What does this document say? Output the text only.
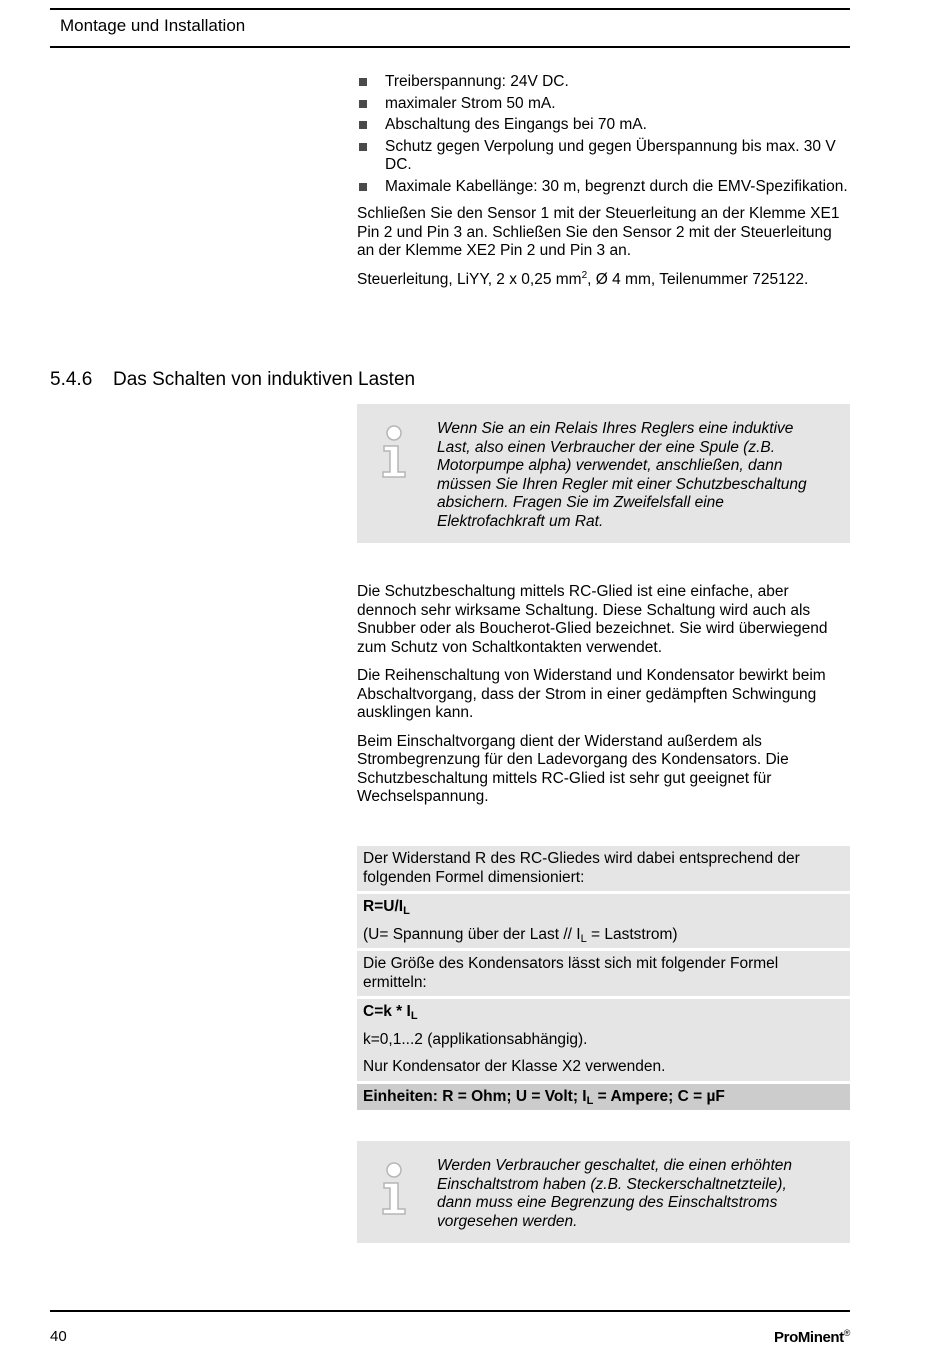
Montage und Installation
Treiberspannung: 24V DC.
maximaler Strom 50 mA.
Abschaltung des Eingangs bei 70 mA.
Schutz gegen Verpolung und gegen Überspannung bis max. 30 V DC.
Maximale Kabellänge: 30 m, begrenzt durch die EMV-Spezifikation.

Schließen Sie den Sensor 1 mit der Steuerleitung an der Klemme XE1 Pin 2 und Pin 3 an. Schließen Sie den Sensor 2 mit der Steuerleitung an der Klemme XE2 Pin 2 und Pin 3 an.

Steuerleitung, LiYY, 2 x 0,25 $mm^2$, Ø 4 mm, Teilenummer 725122.

5.4.6 Das Schalten von induktiven Lasten
Wenn Sie an ein Relais Ihres Reglers eine induktive Last, also einen Verbraucher der eine Spule (z.B. Motorpumpe alpha) verwendet, anschließen, dann müssen Sie Ihren Regler mit einer Schutzbeschaltung absichern. Fragen Sie im Zweifelsfall eine Elektrofachkraft um Rat.

Die Schutzbeschaltung mittels RC-Glied ist eine einfache, aber dennoch sehr wirksame Schaltung. Diese Schaltung wird auch als Snubber oder als Boucherot-Glied bezeichnet. Sie wird überwiegend zum Schutz von Schaltkontakten verwendet.

Die Reihenschaltung von Widerstand und Kondensator bewirkt beim Abschaltvorgang, dass der Strom in einer gedämpften Schwingung ausklingen kann.

Beim Einschaltvorgang dient der Widerstand außerdem als Strombegrenzung für den Ladevorgang des Kondensators. Die Schutzbeschaltung mittels RC-Glied ist sehr gut geeignet für Wechselspannung.

Der Widerstand R des RC-Gliedes wird dabei entsprechend der folgenden Formel dimensioniert:
$R=U/I_L$
(U= Spannung über der Last // $I_L$ = Laststrom)
Die Größe des Kondensators lässt sich mit folgender Formel ermitteln:
$C=k * I_L$
k=0,1...2 (applikationsabhängig).
Nur Kondensator der Klasse X2 verwenden.
Einheiten: R = Ohm; U = Volt; $I_L$ = Ampere; C = µF
Werden Verbraucher geschaltet, die einen erhöhten Einschaltstrom haben (z.B. Steckerschaltnetzteile), dann muss eine Begrenzung des Einschaltstroms vorgesehen werden.
40	ProMinent®
